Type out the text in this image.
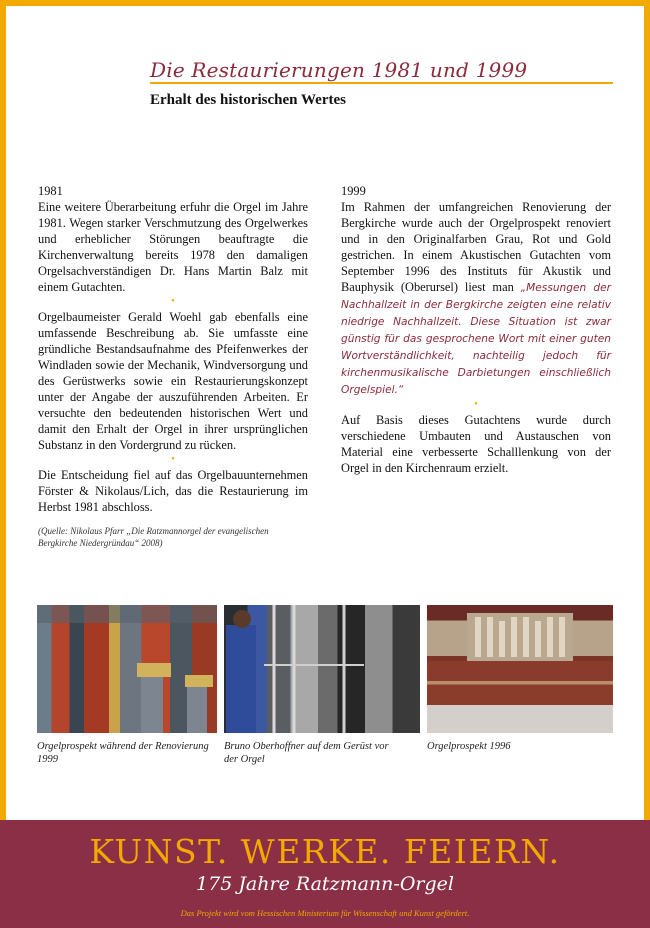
Die Restaurierungen 1981 und 1999
Erhalt des historischen Wertes

1981

Eine weitere Überarbeitung erfuhr die Orgel im Jahre 1981. Wegen starker Verschmutzung des Orgelwerkes und erheblicher Störungen beauftragte die Kirchenverwaltung bereits 1978 den damaligen Orgelsachverständigen Dr. Hans Martin Balz mit einem Gutachten.

•

Orgelbaumeister Gerald Woehl gab ebenfalls eine umfassende Beschreibung ab. Sie umfasste eine gründliche Bestandsaufnahme des Pfeifenwerkes der Windladen sowie der Mechanik, Windversorgung und des Gerüstwerks sowie ein Restaurierungskonzept unter der Angabe der auszuführenden Arbeiten. Er versuchte den bedeutenden historischen Wert und damit den Erhalt der Orgel in ihrer ursprünglichen Substanz in den Vordergrund zu rücken.

•

Die Entscheidung fiel auf das Orgelbauunternehmen Förster & Nikolaus/Lich, das die Restaurierung im Herbst 1981 abschloss.

(Quelle: Nikolaus Pfarr „Die Ratzmannorgel der evangelischen Bergkirche Niedergründau“ 2008)

1999

Im Rahmen der umfangreichen Renovierung der Bergkirche wurde auch der Orgelprospekt renoviert und in den Originalfarben Grau, Rot und Gold gestrichen. In einem Akustischen Gutachten vom September 1996 des Instituts für Akustik und Bauphysik (Oberursel) liest man „Messungen der Nachhallzeit in der Bergkirche zeigten eine relativ niedrige Nachhallzeit. Diese Situation ist zwar günstig für das gesprochene Wort mit einer guten Wortverständlichkeit, nachteilig jedoch für kirchenmusikalische Darbietungen einschließlich Orgelspiel.“

•

Auf Basis dieses Gutachtens wurde durch verschiedene Umbauten und Austauschen von Material eine verbesserte Schalllenkung von der Orgel in den Kirchenraum erzielt.

Orgelprospekt während der Renovierung 1999
Bruno Oberhoffner auf dem Gerüst vor der Orgel
Orgelprospekt 1996
KUNST. WERKE. FEIERN.
175 Jahre Ratzmann-Orgel
Das Projekt wird vom Hessischen Ministerium für Wissenschaft und Kunst gefördert.
